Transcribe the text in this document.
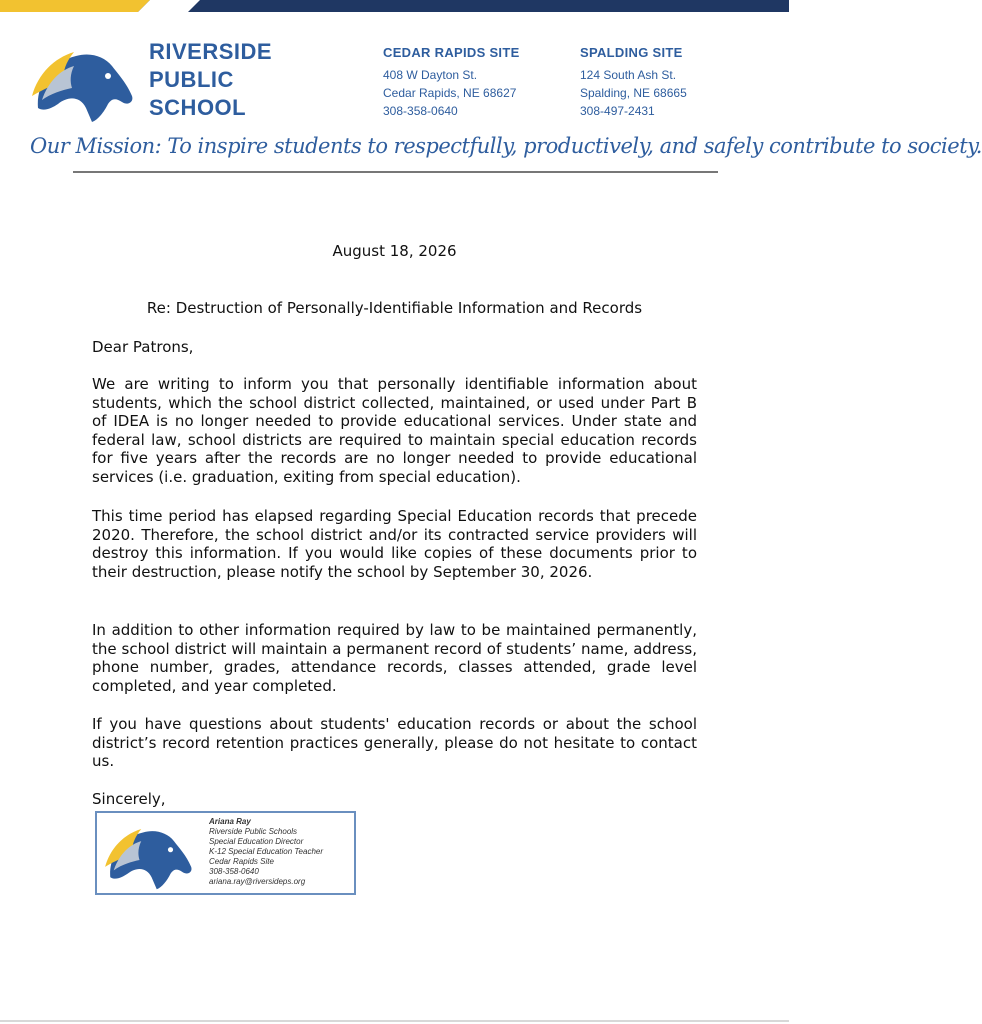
RIVERSIDE
PUBLIC
SCHOOL
CEDAR RAPIDS SITE
408 W Dayton St.
Cedar Rapids, NE 68627
308-358-0640
SPALDING SITE
124 South Ash St.
Spalding, NE 68665
308-497-2431
Our Mission: To inspire students to respectfully, productively, and safely contribute to society.
August 18, 2026
Re: Destruction of Personally-Identifiable Information and Records
Dear Patrons,
We are writing to inform you that personally identifiable information about students, which the school district collected, maintained, or used under Part B of IDEA is no longer needed to provide educational services. Under state and federal law, school districts are required to maintain special education records for five years after the records are no longer needed to provide educational services (i.e. graduation, exiting from special education).
This time period has elapsed regarding Special Education records that precede 2020. Therefore, the school district and/or its contracted service providers will destroy this information. If you would like copies of these documents prior to their destruction, please notify the school by September 30, 2026.
In addition to other information required by law to be maintained permanently, the school district will maintain a permanent record of students’ name, address, phone number, grades, attendance records, classes attended, grade level completed, and year completed.
If you have questions about students' education records or about the school district’s record retention practices generally, please do not hesitate to contact us.
Sincerely,
Ariana Ray
Riverside Public Schools
Special Education Director
K-12 Special Education Teacher
Cedar Rapids Site
308-358-0640
ariana.ray@riversideps.org
